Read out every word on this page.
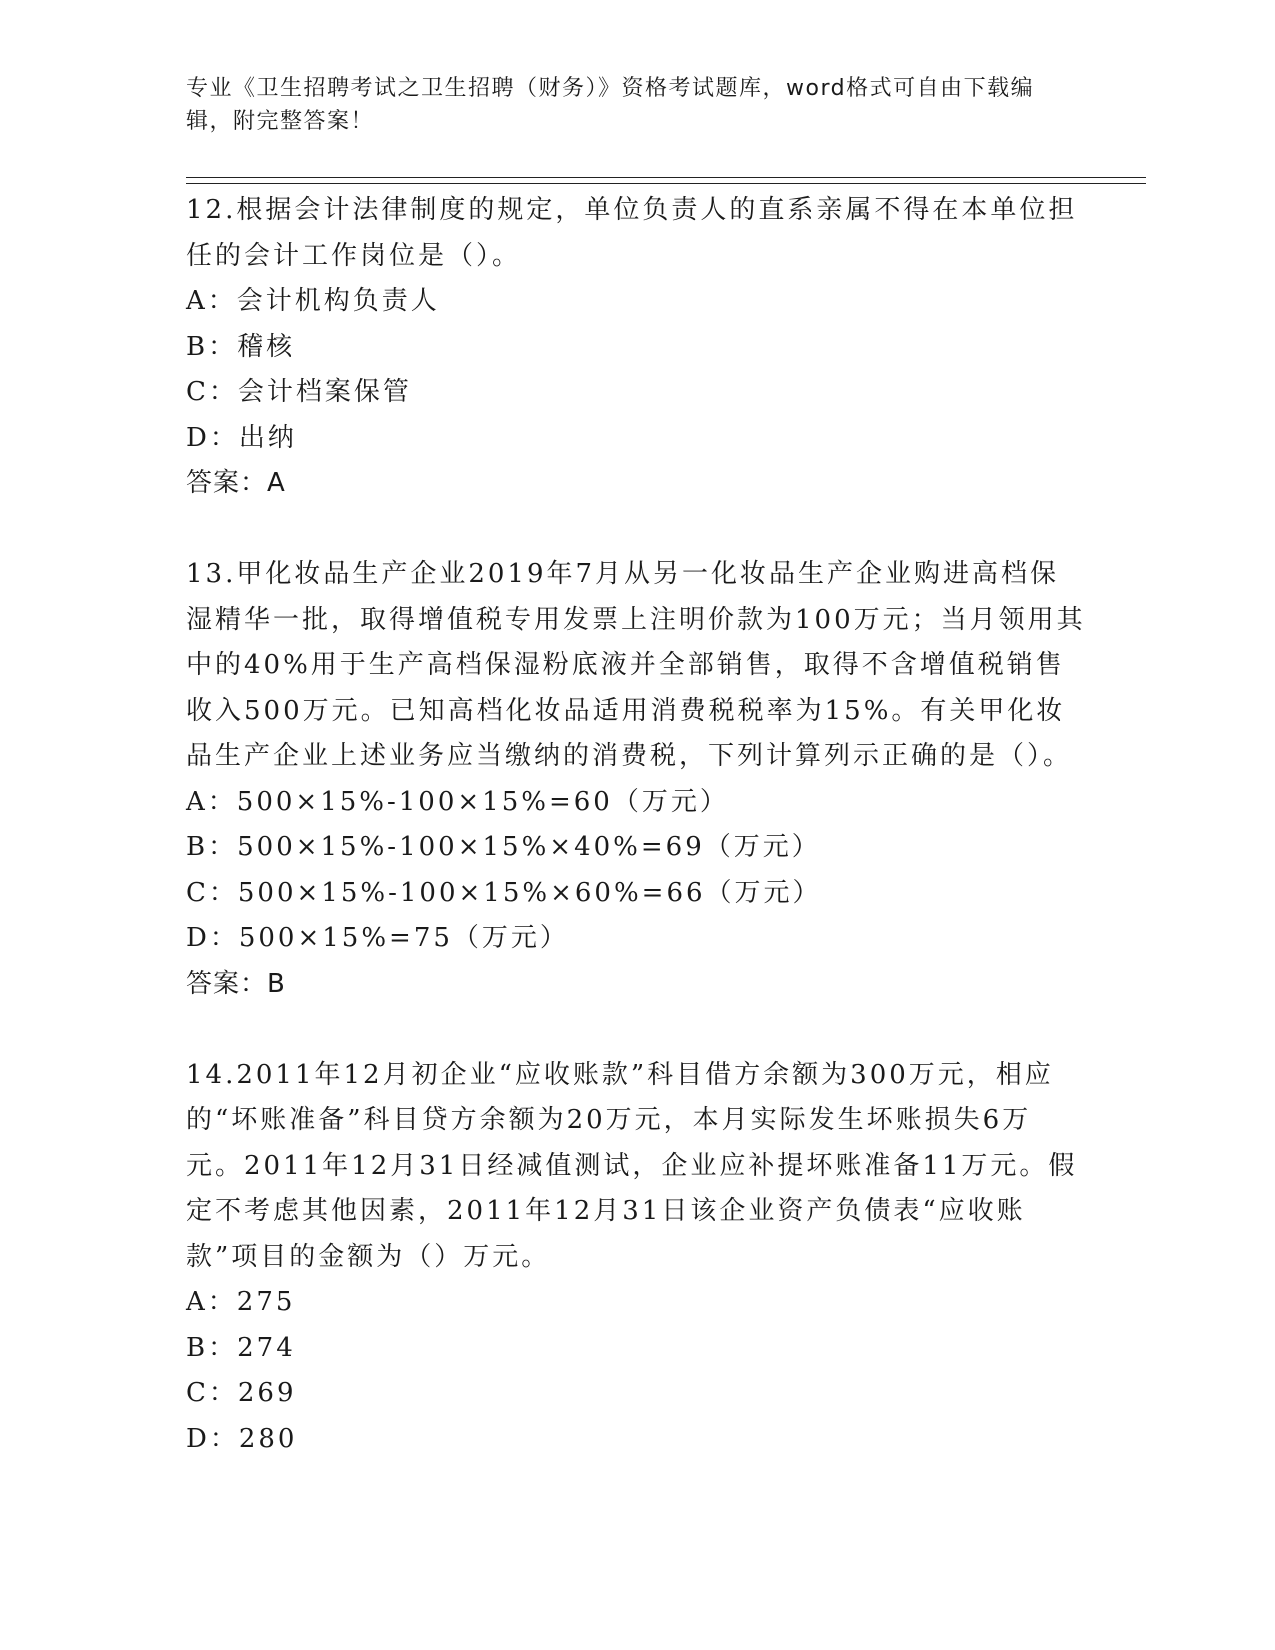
专业《卫生招聘考试之卫生招聘（财务）》资格考试题库，word格式可自由下载编辑，附完整答案！

12.根据会计法律制度的规定，单位负责人的直系亲属不得在本单位担任的会计工作岗位是（）。

A：会计机构负责人

B：稽核

C：会计档案保管

D：出纳

答案：A

13.甲化妆品生产企业2019年7月从另一化妆品生产企业购进高档保湿精华一批，取得增值税专用发票上注明价款为100万元；当月领用其中的40%用于生产高档保湿粉底液并全部销售，取得不含增值税销售收入500万元。已知高档化妆品适用消费税税率为15%。有关甲化妆品生产企业上述业务应当缴纳的消费税，下列计算列示正确的是（）。

A：500×15%-100×15%=60（万元）

B：500×15%-100×15%×40%=69（万元）

C：500×15%-100×15%×60%=66（万元）

D：500×15%=75（万元）

答案：B

14.2011年12月初企业“应收账款”科目借方余额为300万元，相应的“坏账准备”科目贷方余额为20万元，本月实际发生坏账损失6万元。2011年12月31日经减值测试，企业应补提坏账准备11万元。假定不考虑其他因素，2011年12月31日该企业资产负债表“应收账款”项目的金额为（）万元。

A：275

B：274

C：269

D：280
